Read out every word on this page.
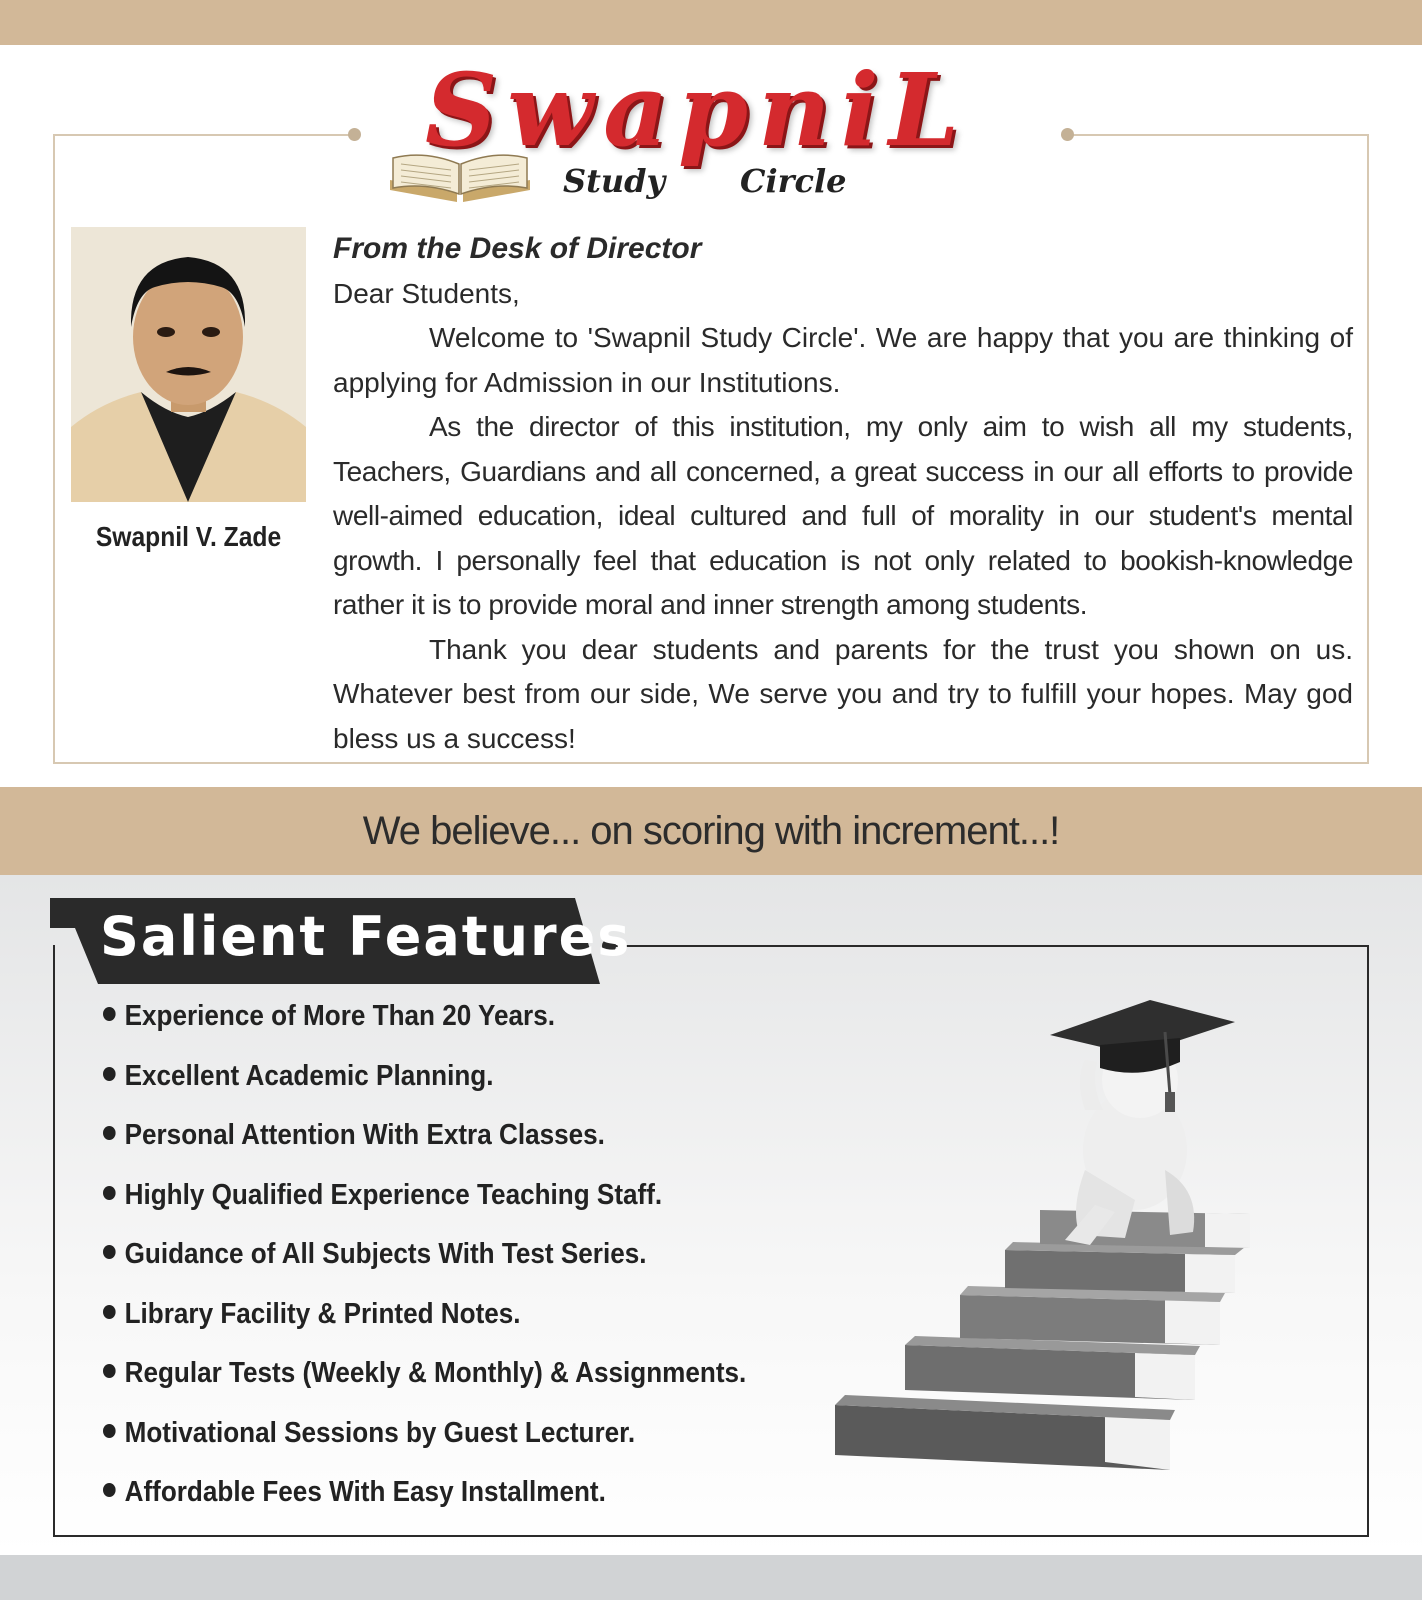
SwapniL
Study Circle
Swapnil V. Zade
From the Desk of Director
Dear Students,

Welcome to 'Swapnil Study Circle'. We are happy that you are thinking of applying for Admission in our Institutions.

As the director of this institution, my only aim to wish all my students, Teachers, Guardians and all concerned, a great success in our all efforts to provide well-aimed education, ideal cultured and full of morality in our student's mental growth. I personally feel that education is not only related to bookish-knowledge rather it is to provide moral and inner strength among students.

Thank you dear students and parents for the trust you shown on us. Whatever best from our side, We serve you and try to fulfill your hopes. May god bless us a success!

We believe... on scoring with increment...!
Salient Features
Experience of More Than 20 Years.
Excellent Academic Planning.
Personal Attention With Extra Classes.
Highly Qualified Experience Teaching Staff.
Guidance of All Subjects With Test Series.
Library Facility & Printed Notes.
Regular Tests (Weekly & Monthly) & Assignments.
Motivational Sessions by Guest Lecturer.
Affordable Fees With Easy Installment.
